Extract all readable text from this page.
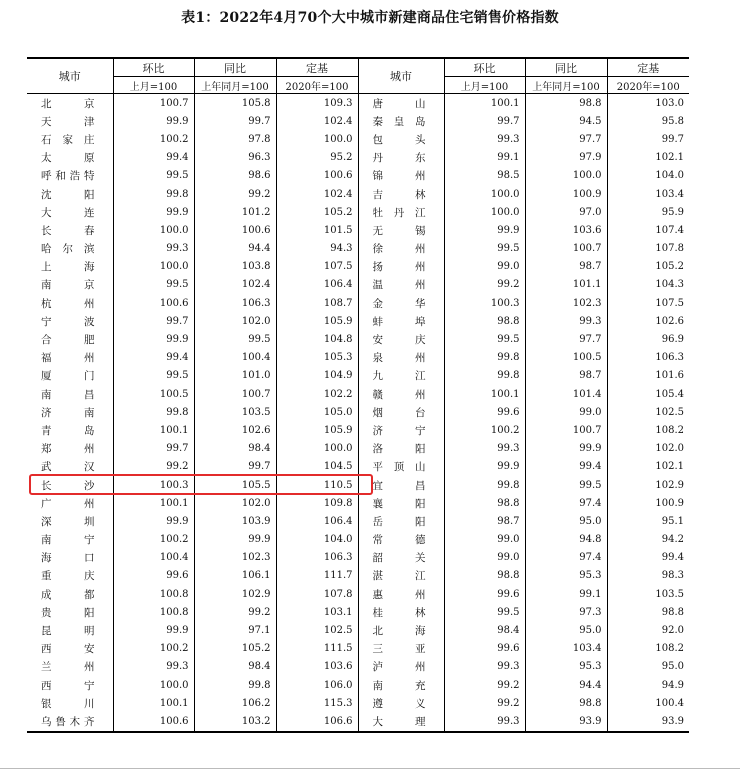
表1：2022年4月70个大中城市新建商品住宅销售价格指数
城市	环比	同比	定基	城市	环比	同比	定基
	上月=100	上年同月=100	2020年=100		上月=100	上年同月=100	2020年=100
北京	100.7	105.8	109.3	唐山	100.1	98.8	103.0
天津	99.9	99.7	102.4	秦皇岛	99.7	94.5	95.8
石家庄	100.2	97.8	100.0	包头	99.3	97.7	99.7
太原	99.4	96.3	95.2	丹东	99.1	97.9	102.1
呼和浩特	99.5	98.6	100.6	锦州	98.5	100.0	104.0
沈阳	99.8	99.2	102.4	吉林	100.0	100.9	103.4
大连	99.9	101.2	105.2	牡丹江	100.0	97.0	95.9
长春	100.0	100.6	101.5	无锡	99.9	103.6	107.4
哈尔滨	99.3	94.4	94.3	徐州	99.5	100.7	107.8
上海	100.0	103.8	107.5	扬州	99.0	98.7	105.2
南京	99.5	102.4	106.4	温州	99.2	101.1	104.3
杭州	100.6	106.3	108.7	金华	100.3	102.3	107.5
宁波	99.7	102.0	105.9	蚌埠	98.8	99.3	102.6
合肥	99.9	99.5	104.8	安庆	99.5	97.7	96.9
福州	99.4	100.4	105.3	泉州	99.8	100.5	106.3
厦门	99.5	101.0	104.9	九江	99.8	98.7	101.6
南昌	100.5	100.7	102.2	赣州	100.1	101.4	105.4
济南	99.8	103.5	105.0	烟台	99.6	99.0	102.5
青岛	100.1	102.6	105.9	济宁	100.2	100.7	108.2
郑州	99.7	98.4	100.0	洛阳	99.3	99.9	102.0
武汉	99.2	99.7	104.5	平顶山	99.9	99.4	102.1
长沙	100.3	105.5	110.5	宜昌	99.8	99.5	102.9
广州	100.1	102.0	109.8	襄阳	98.8	97.4	100.9
深圳	99.9	103.9	106.4	岳阳	98.7	95.0	95.1
南宁	100.2	99.9	104.0	常德	99.0	94.8	94.2
海口	100.4	102.3	106.3	韶关	99.0	97.4	99.4
重庆	99.6	106.1	111.7	湛江	98.8	95.3	98.3
成都	100.8	102.9	107.8	惠州	99.6	99.1	103.5
贵阳	100.8	99.2	103.1	桂林	99.5	97.3	98.8
昆明	99.9	97.1	102.5	北海	98.4	95.0	92.0
西安	100.2	105.2	111.5	三亚	99.6	103.4	108.2
兰州	99.3	98.4	103.6	泸州	99.3	95.3	95.0
西宁	100.0	99.8	106.0	南充	99.2	94.4	94.9
银川	100.1	106.2	115.3	遵义	99.2	98.8	100.4
乌鲁木齐	100.6	103.2	106.6	大理	99.3	93.9	93.9
